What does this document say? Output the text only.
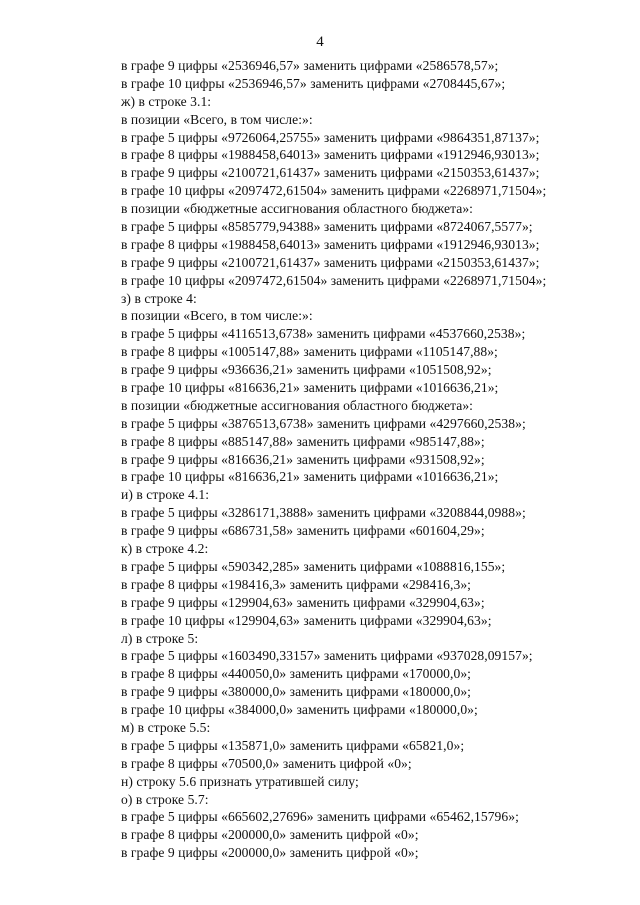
4
в графе 9 цифры «2536946,57» заменить цифрами «2586578,57»;
в графе 10 цифры «2536946,57» заменить цифрами «2708445,67»;
ж) в строке 3.1:
в позиции «Всего, в том числе:»:
в графе 5 цифры «9726064,25755» заменить цифрами «9864351,87137»;
в графе 8 цифры «1988458,64013» заменить цифрами «1912946,93013»;
в графе 9 цифры «2100721,61437» заменить цифрами «2150353,61437»;
в графе 10 цифры «2097472,61504» заменить цифрами «2268971,71504»;
в позиции «бюджетные ассигнования областного бюджета»:
в графе 5 цифры «8585779,94388» заменить цифрами «8724067,5577»;
в графе 8 цифры «1988458,64013» заменить цифрами «1912946,93013»;
в графе 9 цифры «2100721,61437» заменить цифрами «2150353,61437»;
в графе 10 цифры «2097472,61504» заменить цифрами «2268971,71504»;
з) в строке 4:
в позиции «Всего, в том числе:»:
в графе 5 цифры «4116513,6738» заменить цифрами «4537660,2538»;
в графе 8 цифры «1005147,88» заменить цифрами «1105147,88»;
в графе 9 цифры «936636,21» заменить цифрами «1051508,92»;
в графе 10 цифры «816636,21» заменить цифрами «1016636,21»;
в позиции «бюджетные ассигнования областного бюджета»:
в графе 5 цифры «3876513,6738» заменить цифрами «4297660,2538»;
в графе 8 цифры «885147,88» заменить цифрами «985147,88»;
в графе 9 цифры «816636,21» заменить цифрами «931508,92»;
в графе 10 цифры «816636,21» заменить цифрами «1016636,21»;
и) в строке 4.1:
в графе 5 цифры «3286171,3888» заменить цифрами «3208844,0988»;
в графе 9 цифры «686731,58» заменить цифрами «601604,29»;
к) в строке 4.2:
в графе 5 цифры «590342,285» заменить цифрами «1088816,155»;
в графе 8 цифры «198416,3» заменить цифрами «298416,3»;
в графе 9 цифры «129904,63» заменить цифрами «329904,63»;
в графе 10 цифры «129904,63» заменить цифрами «329904,63»;
л) в строке 5:
в графе 5 цифры «1603490,33157» заменить цифрами «937028,09157»;
в графе 8 цифры «440050,0» заменить цифрами «170000,0»;
в графе 9 цифры «380000,0» заменить цифрами «180000,0»;
в графе 10 цифры «384000,0» заменить цифрами «180000,0»;
м) в строке 5.5:
в графе 5 цифры «135871,0» заменить цифрами «65821,0»;
в графе 8 цифры «70500,0» заменить цифрой «0»;
н) строку 5.6 признать утратившей силу;
о) в строке 5.7:
в графе 5 цифры «665602,27696» заменить цифрами «65462,15796»;
в графе 8 цифры «200000,0» заменить цифрой «0»;
в графе 9 цифры «200000,0» заменить цифрой «0»;
